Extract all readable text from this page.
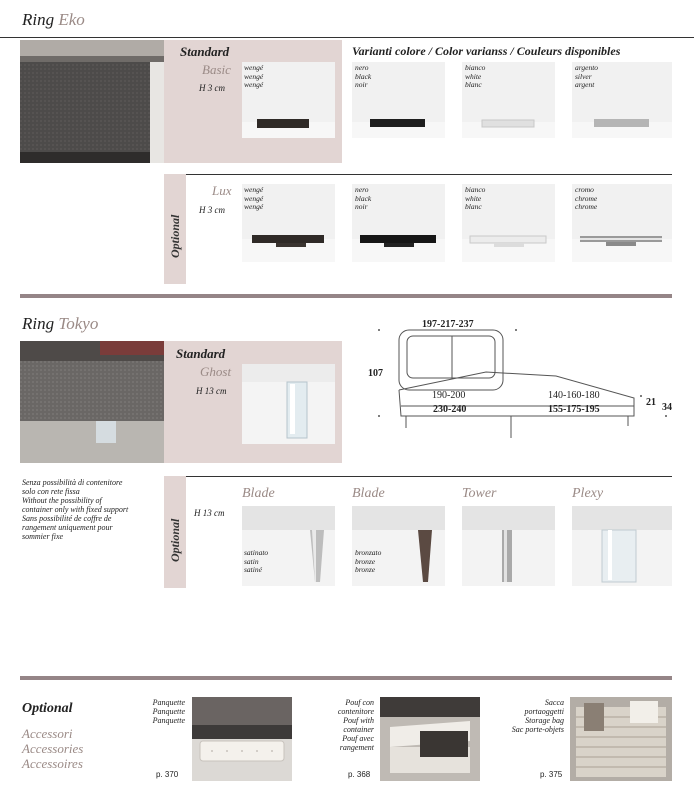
Ring Eko
Standard
Basic
H 3 cm
wengé
wengé
wengé
Varianti colore / Color varianss / Couleurs disponibles
nero
black
noir
bianco
white
blanc
argento
silver
argent
Optional
Lux
H 3 cm
wengé
wengé
wengé
nero
black
noir
bianco
white
blanc
cromo
chrome
chrome
Ring Tokyo
Standard
Ghost
H 13 cm
197-217-237
107
190-200
230-240
140-160-180
155-175-195
21 34
Senza possibilità di contenitore
solo con rete fissa
Without the possibility of
container only with fixed support
Sans possibilité de coffre de
rangement uniquement pour
sommier fixe	Optional
H 13 cm
Blade
satinato
satin
satiné
Blade
bronzato
bronze
bronze
Tower	Plexy
Optional
Accessori
Accessories
Accessoires
Panquette
Panquette
Panquette
p. 370
Pouf con
contenitore
Pouf with
container
Pouf avec
rangement
p. 368
Sacca
portaoggetti
Storage bag
Sac porte-objets
p. 375
